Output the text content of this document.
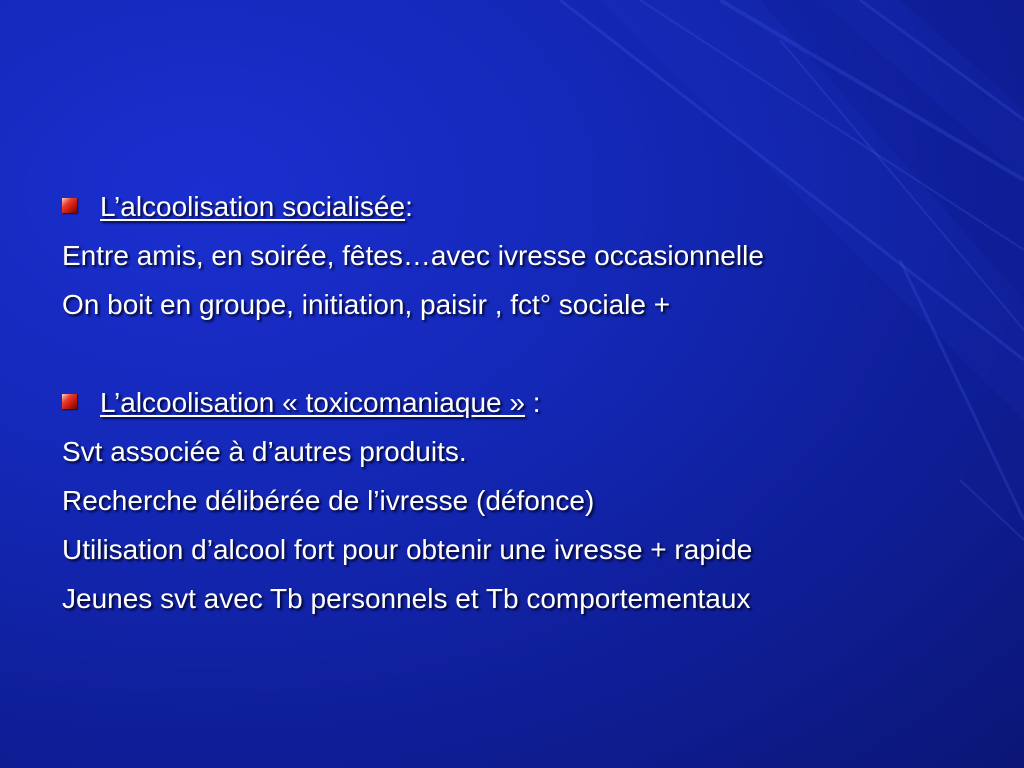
L’alcoolisation socialisée:
Entre amis, en soirée, fêtes…avec ivresse occasionnelle
On boit en groupe, initiation, paisir , fct° sociale +
L’alcoolisation « toxicomaniaque » :
Svt associée à d’autres produits.
Recherche délibérée de l’ivresse (défonce)
Utilisation d’alcool fort pour obtenir une ivresse + rapide
Jeunes svt avec Tb personnels et Tb comportementaux
